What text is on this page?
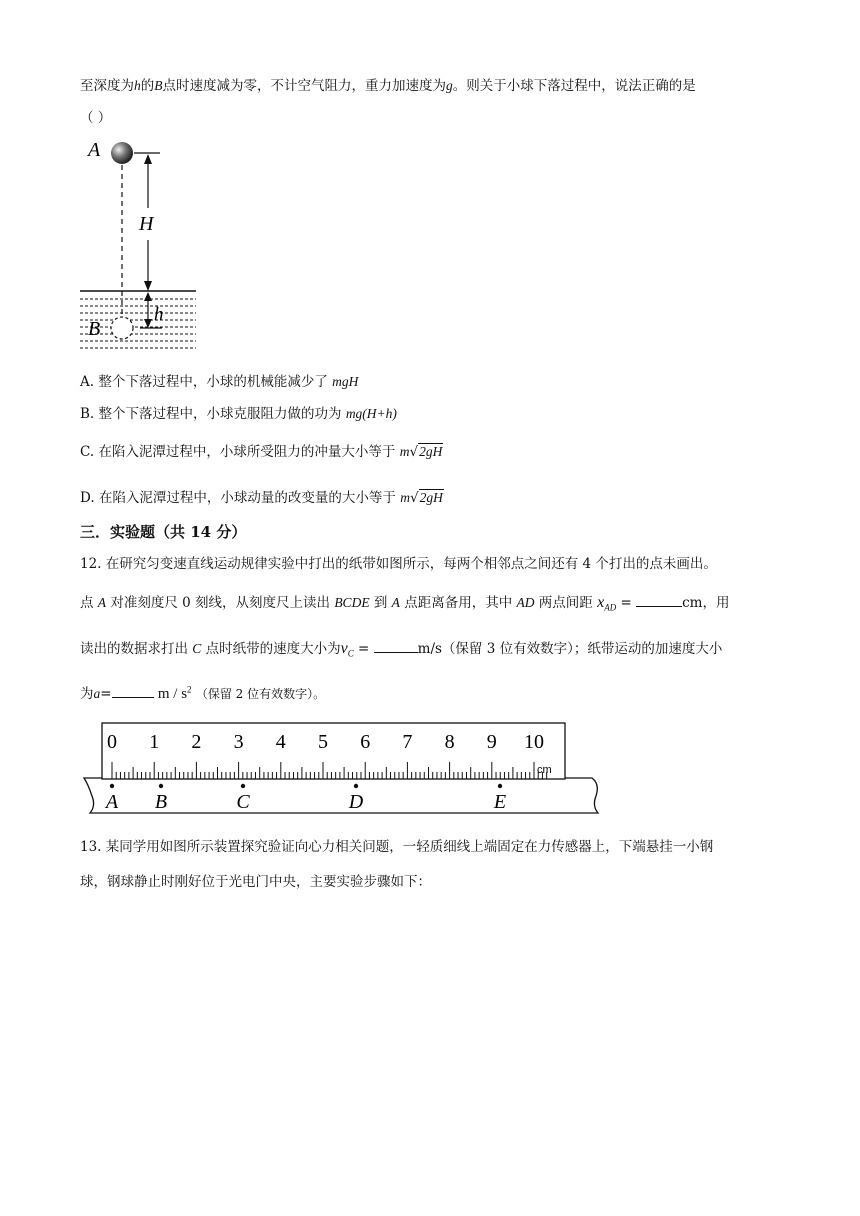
至深度为h的B点时速度减为零，不计空气阻力，重力加速度为g。则关于小球下落过程中，说法正确的是
（ ）
A
H
h
B
A. 整个下落过程中，小球的机械能减少了 mgH
B. 整个下落过程中，小球克服阻力做的功为 mg(H+h)
C. 在陷入泥潭过程中，小球所受阻力的冲量大小等于 m√2gH
D. 在陷入泥潭过程中，小球动量的改变量的大小等于 m√2gH
三．实验题（共 14 分）
12. 在研究匀变速直线运动规律实验中打出的纸带如图所示，每两个相邻点之间还有 4 个打出的点未画出。
点 A 对准刻度尺 0 刻线，从刻度尺上读出 BCDE 到 A 点距离备用，其中 AD 两点间距 $x_{AD}$ =	cm，用
读出的数据求打出 C 点时纸带的速度大小为$v_C$ =	m/s（保留 3 位有效数字）；纸带运动的加速度大小
为a=	m / $s^2$ （保留 2 位有效数字）。
0 1 2 3 4 5 6 7 8 9 10
cm
A B	C	D	E
13. 某同学用如图所示装置探究验证向心力相关问题，一轻质细线上端固定在力传感器上，下端悬挂一小钢
球，钢球静止时刚好位于光电门中央，主要实验步骤如下：
